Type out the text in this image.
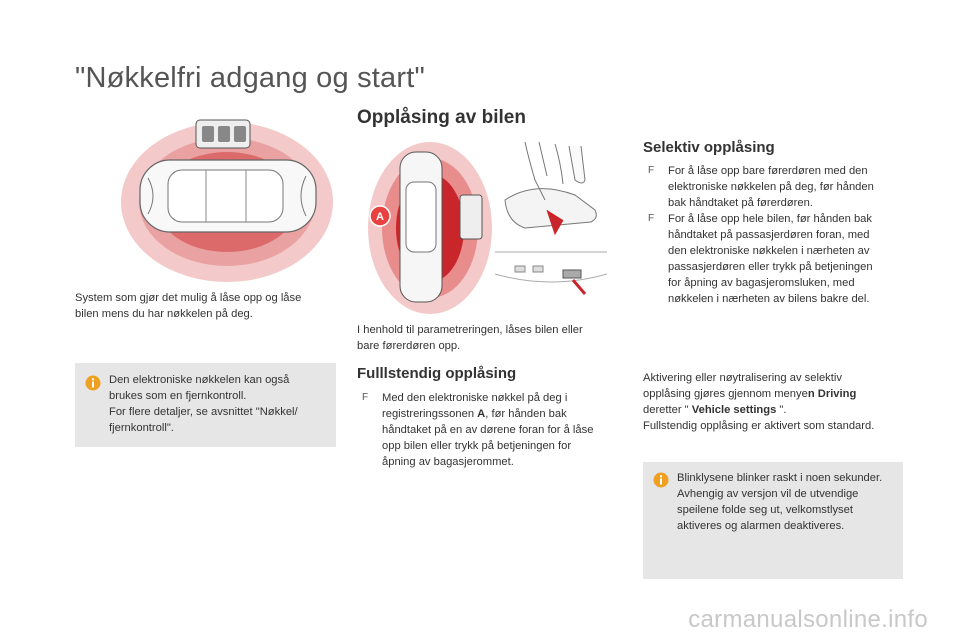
"Nøkkelfri adgang og start"
System som gjør det mulig å låse opp og låse
bilen mens du har nøkkelen på deg.
Den elektroniske nøkkelen kan også
brukes som en fjernkontroll.
For flere detaljer, se avsnittet "Nøkkel/
fjernkontroll".
Opplåsing av bilen
A
I henhold til parametreringen, låses bilen eller
bare førerdøren opp.
Fulllstendig opplåsing
F Med den elektroniske nøkkel på deg i
registreringssonen A, før hånden bak
håndtaket på en av dørene foran for å låse
opp bilen eller trykk på betjeningen for
åpning av bagasjerommet.
Selektiv opplåsing
F For å låse opp bare førerdøren med den
elektroniske nøkkelen på deg, før hånden
bak håndtaket på førerdøren.
F For å låse opp hele bilen, før hånden bak
håndtaket på passasjerdøren foran, med
den elektroniske nøkkelen i nærheten av
passasjerdøren eller trykk på betjeningen
for åpning av bagasjeromsluken, med
nøkkelen i nærheten av bilens bakre del.
Aktivering eller nøytralisering av selektiv
opplåsing gjøres gjennom menyen Driving
deretter " Vehicle settings ".
Fullstendig opplåsing er aktivert som standard.
Blinklysene blinker raskt i noen sekunder.
Avhengig av versjon vil de utvendige
speilene folde seg ut, velkomstlyset
aktiveres og alarmen deaktiveres.
carmanualsonline.info
